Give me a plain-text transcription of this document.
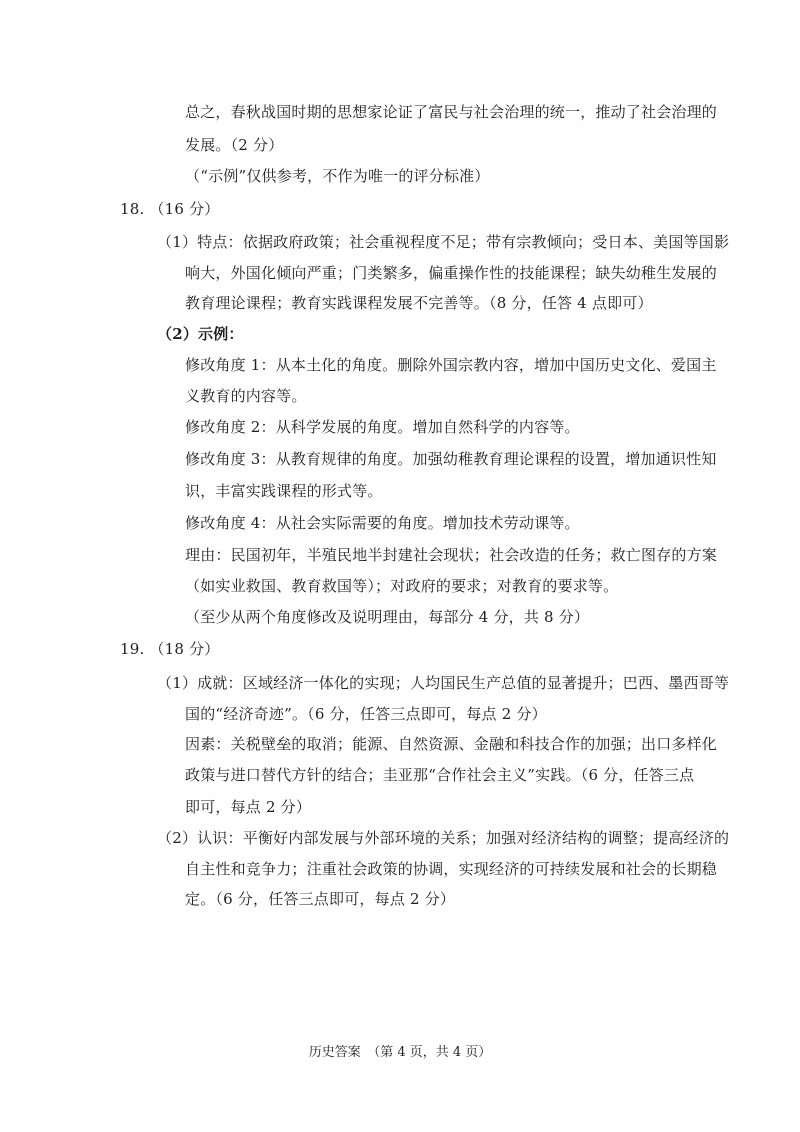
总之，春秋战国时期的思想家论证了富民与社会治理的统一，推动了社会治理的
发展。（2 分）
（“示例”仅供参考，不作为唯一的评分标准）
18. （16 分）
（1）特点：依据政府政策；社会重视程度不足；带有宗教倾向；受日本、美国等国影
响大，外国化倾向严重；门类繁多，偏重操作性的技能课程；缺失幼稚生发展的
教育理论课程；教育实践课程发展不完善等。（8 分，任答 4 点即可）
（2）示例：
修改角度 1：从本土化的角度。删除外国宗教内容，增加中国历史文化、爱国主
义教育的内容等。
修改角度 2：从科学发展的角度。增加自然科学的内容等。
修改角度 3：从教育规律的角度。加强幼稚教育理论课程的设置，增加通识性知
识，丰富实践课程的形式等。
修改角度 4：从社会实际需要的角度。增加技术劳动课等。
理由：民国初年，半殖民地半封建社会现状；社会改造的任务；救亡图存的方案
（如实业救国、教育救国等）；对政府的要求；对教育的要求等。
（至少从两个角度修改及说明理由，每部分 4 分，共 8 分）
19. （18 分）
（1）成就：区域经济一体化的实现；人均国民生产总值的显著提升；巴西、墨西哥等
国的“经济奇迹”。（6 分，任答三点即可，每点 2 分）
因素：关税壁垒的取消；能源、自然资源、金融和科技合作的加强；出口多样化
政策与进口替代方针的结合；圭亚那“合作社会主义”实践。（6 分，任答三点
即可，每点 2 分）
（2）认识：平衡好内部发展与外部环境的关系；加强对经济结构的调整；提高经济的
自主性和竞争力；注重社会政策的协调，实现经济的可持续发展和社会的长期稳
定。（6 分，任答三点即可，每点 2 分）
历史答案　（第 4 页，共 4 页）
